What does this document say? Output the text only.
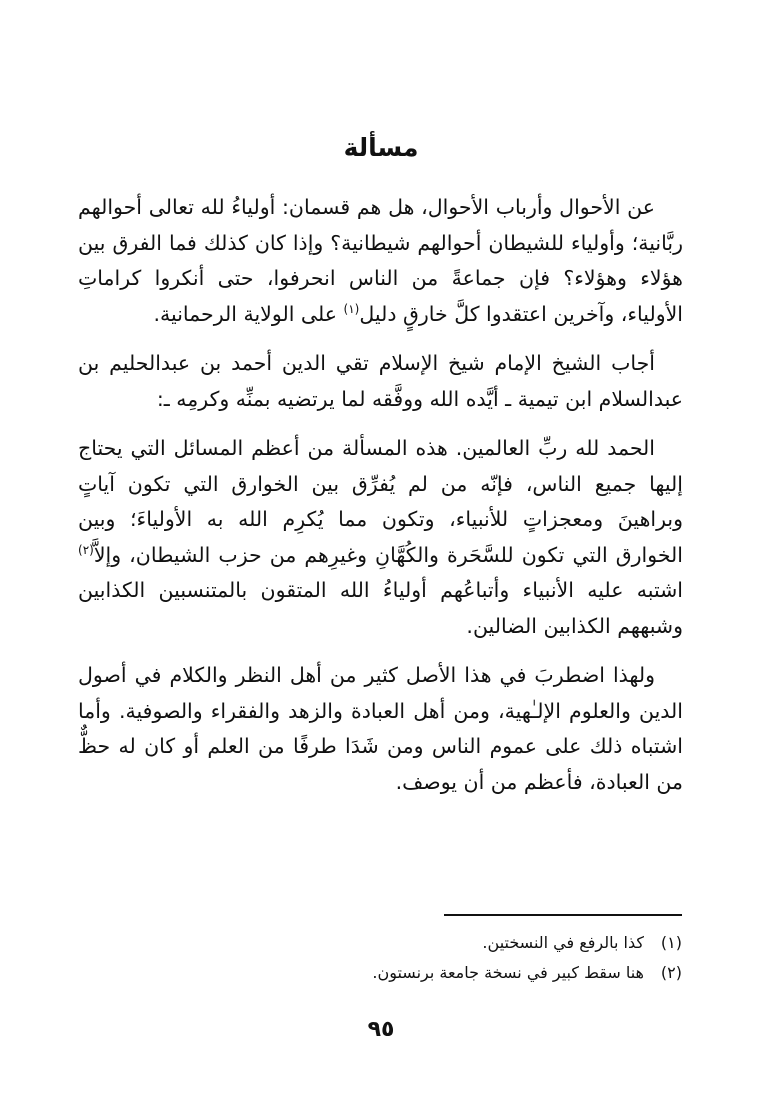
مسألة

عن الأحوال وأرباب الأحوال، هل هم قسمان: أولياءُ لله تعالى أحوالهم ربَّانية؛ وأولياء للشيطان أحوالهم شيطانية؟ وإذا كان كذلك فما الفرق بين هؤلاء وهؤلاء؟ فإن جماعةً من الناس انحرفوا، حتى أنكروا كراماتِ الأولياء، وآخرين اعتقدوا كلَّ خارقٍ دليل$^{(١)}$ على الولاية الرحمانية.

أجاب الشيخ الإمام شيخ الإسلام تقي الدين أحمد بن عبدالحليم بن عبدالسلام ابن تيمية ـ أيَّده الله ووفَّقه لما يرتضيه بمنِّه وكرمِه ـ:

الحمد لله ربِّ العالمين. هذه المسألة من أعظم المسائل التي يحتاج إليها جميع الناس، فإنّه من لم يُفرِّق بين الخوارق التي تكون آياتٍ وبراهينَ ومعجزاتٍ للأنبياء، وتكون مما يُكرِم الله به الأولياءَ؛ وبين الخوارق التي تكون للسَّحَرة والكُهَّانِ وغيرِهم من حزب الشيطان، وإلاَّ$^{(٢)}$ اشتبه عليه الأنبياء وأتباعُهم أولياءُ الله المتقون بالمتنسبين الكذابين وشبههم الكذابين الضالين.

ولهذا اضطربَ في هذا الأصل كثير من أهل النظر والكلام في أصول الدين والعلوم الإلـٰهية، ومن أهل العبادة والزهد والفقراء والصوفية. وأما اشتباه ذلك على عموم الناس ومن شَدَا طرفًا من العلم أو كان له حظٌّ من العبادة، فأعظم من أن يوصف.

(١)
كذا بالرفع في النسختين.
(٢)
هنا سقط كبير في نسخة جامعة برنستون.
٩٥
